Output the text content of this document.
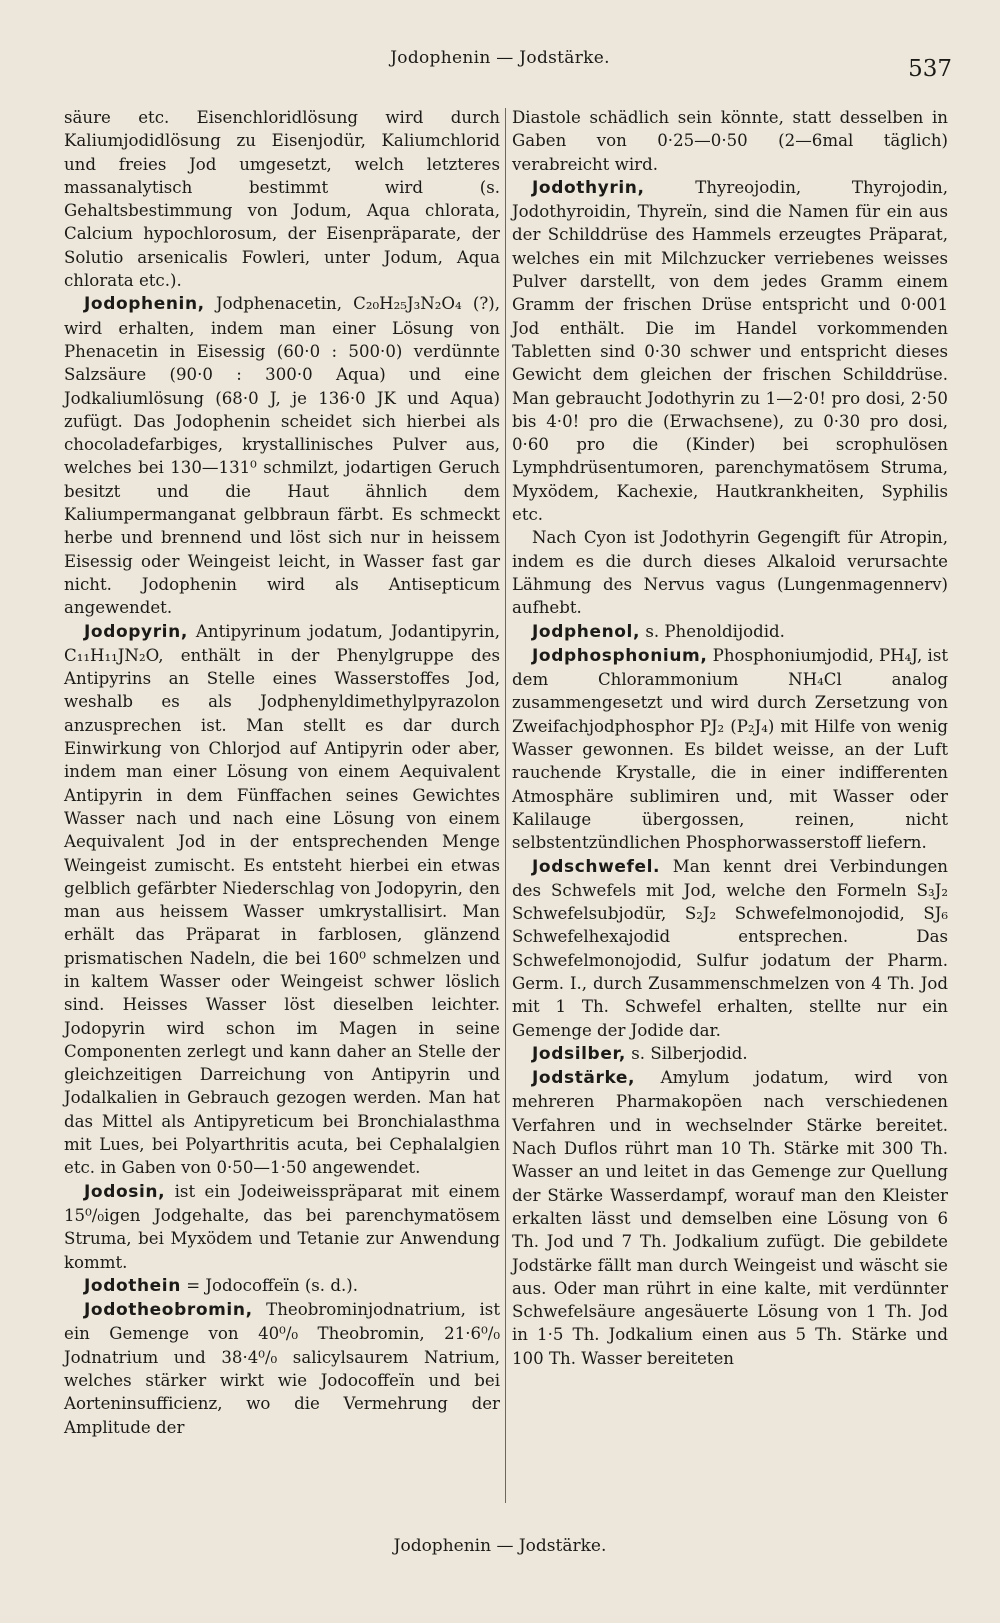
Jodophenin — Jodstärke.	537

säure etc. Eisenchloridlösung wird durch Kaliumjodidlösung zu Eisenjodür, Kaliumchlorid und freies Jod umgesetzt, welch letzteres massanalytisch bestimmt wird (s. Gehaltsbestimmung von Jodum, Aqua chlorata, Calcium hypochlorosum, der Eisenpräparate, der Solutio arsenicalis Fowleri, unter Jodum, Aqua chlorata etc.).

Jodophenin, Jodphenacetin, C₂₀H₂₅J₃N₂O₄ (?), wird erhalten, indem man einer Lösung von Phenacetin in Eisessig (60·0 : 500·0) verdünnte Salzsäure (90·0 : 300·0 Aqua) und eine Jodkaliumlösung (68·0 J, je 136·0 JK und Aqua) zufügt. Das Jodophenin scheidet sich hierbei als chocoladefarbiges, krystallinisches Pulver aus, welches bei 130—131⁰ schmilzt, jodartigen Geruch besitzt und die Haut ähnlich dem Kaliumpermanganat gelbbraun färbt. Es schmeckt herbe und brennend und löst sich nur in heissem Eisessig oder Weingeist leicht, in Wasser fast gar nicht. Jodophenin wird als Antisepticum angewendet.

Jodopyrin, Antipyrinum jodatum, Jodantipyrin, C₁₁H₁₁JN₂O, enthält in der Phenylgruppe des Antipyrins an Stelle eines Wasserstoffes Jod, weshalb es als Jodphenyldimethylpyrazolon anzusprechen ist. Man stellt es dar durch Einwirkung von Chlorjod auf Antipyrin oder aber, indem man einer Lösung von einem Aequivalent Antipyrin in dem Fünffachen seines Gewichtes Wasser nach und nach eine Lösung von einem Aequivalent Jod in der entsprechenden Menge Weingeist zumischt. Es entsteht hierbei ein etwas gelblich gefärbter Niederschlag von Jodopyrin, den man aus heissem Wasser umkrystallisirt. Man erhält das Präparat in farblosen, glänzend prismatischen Nadeln, die bei 160⁰ schmelzen und in kaltem Wasser oder Weingeist schwer löslich sind. Heisses Wasser löst dieselben leichter. Jodopyrin wird schon im Magen in seine Componenten zerlegt und kann daher an Stelle der gleichzeitigen Darreichung von Antipyrin und Jodalkalien in Gebrauch gezogen werden. Man hat das Mittel als Antipyreticum bei Bronchialasthma mit Lues, bei Polyarthritis acuta, bei Cephalalgien etc. in Gaben von 0·50—1·50 angewendet.

Jodosin, ist ein Jodeiweisspräparat mit einem 15⁰/₀igen Jodgehalte, das bei parenchymatösem Struma, bei Myxödem und Tetanie zur Anwendung kommt.

Jodothein = Jodocoffeïn (s. d.).

Jodotheobromin, Theobrominjodnatrium, ist ein Gemenge von 40⁰/₀ Theobromin, 21·6⁰/₀ Jodnatrium und 38·4⁰/₀ salicylsaurem Natrium, welches stärker wirkt wie Jodocoffeïn und bei Aorteninsufficienz, wo die Vermehrung der Amplitude der

Diastole schädlich sein könnte, statt desselben in Gaben von 0·25—0·50 (2—6mal täglich) verabreicht wird.

Jodothyrin, Thyreojodin, Thyrojodin, Jodothyroidin, Thyreïn, sind die Namen für ein aus der Schilddrüse des Hammels erzeugtes Präparat, welches ein mit Milchzucker verriebenes weisses Pulver darstellt, von dem jedes Gramm einem Gramm der frischen Drüse entspricht und 0·001 Jod enthält. Die im Handel vorkommenden Tabletten sind 0·30 schwer und entspricht dieses Gewicht dem gleichen der frischen Schilddrüse. Man gebraucht Jodothyrin zu 1—2·0! pro dosi, 2·50 bis 4·0! pro die (Erwachsene), zu 0·30 pro dosi, 0·60 pro die (Kinder) bei scrophulösen Lymphdrüsentumoren, parenchymatösem Struma, Myxödem, Kachexie, Hautkrankheiten, Syphilis etc.

Nach Cyon ist Jodothyrin Gegengift für Atropin, indem es die durch dieses Alkaloid verursachte Lähmung des Nervus vagus (Lungenmagennerv) aufhebt.

Jodphenol, s. Phenoldijodid.

Jodphosphonium, Phosphoniumjodid, PH₄J, ist dem Chlorammonium NH₄Cl analog zusammengesetzt und wird durch Zersetzung von Zweifachjodphosphor PJ₂ (P₂J₄) mit Hilfe von wenig Wasser gewonnen. Es bildet weisse, an der Luft rauchende Krystalle, die in einer indifferenten Atmosphäre sublimiren und, mit Wasser oder Kalilauge übergossen, reinen, nicht selbstentzündlichen Phosphorwasserstoff liefern.

Jodschwefel. Man kennt drei Verbindungen des Schwefels mit Jod, welche den Formeln S₃J₂ Schwefelsubjodür, S₂J₂ Schwefelmonojodid, SJ₆ Schwefelhexajodid entsprechen. Das Schwefelmonojodid, Sulfur jodatum der Pharm. Germ. I., durch Zusammenschmelzen von 4 Th. Jod mit 1 Th. Schwefel erhalten, stellte nur ein Gemenge der Jodide dar.

Jodsilber, s. Silberjodid.

Jodstärke, Amylum jodatum, wird von mehreren Pharmakopöen nach verschiedenen Verfahren und in wechselnder Stärke bereitet. Nach Duflos rührt man 10 Th. Stärke mit 300 Th. Wasser an und leitet in das Gemenge zur Quellung der Stärke Wasserdampf, worauf man den Kleister erkalten lässt und demselben eine Lösung von 6 Th. Jod und 7 Th. Jodkalium zufügt. Die gebildete Jodstärke fällt man durch Weingeist und wäscht sie aus. Oder man rührt in eine kalte, mit verdünnter Schwefelsäure angesäuerte Lösung von 1 Th. Jod in 1·5 Th. Jodkalium einen aus 5 Th. Stärke und 100 Th. Wasser bereiteten

Jodophenin — Jodstärke.
